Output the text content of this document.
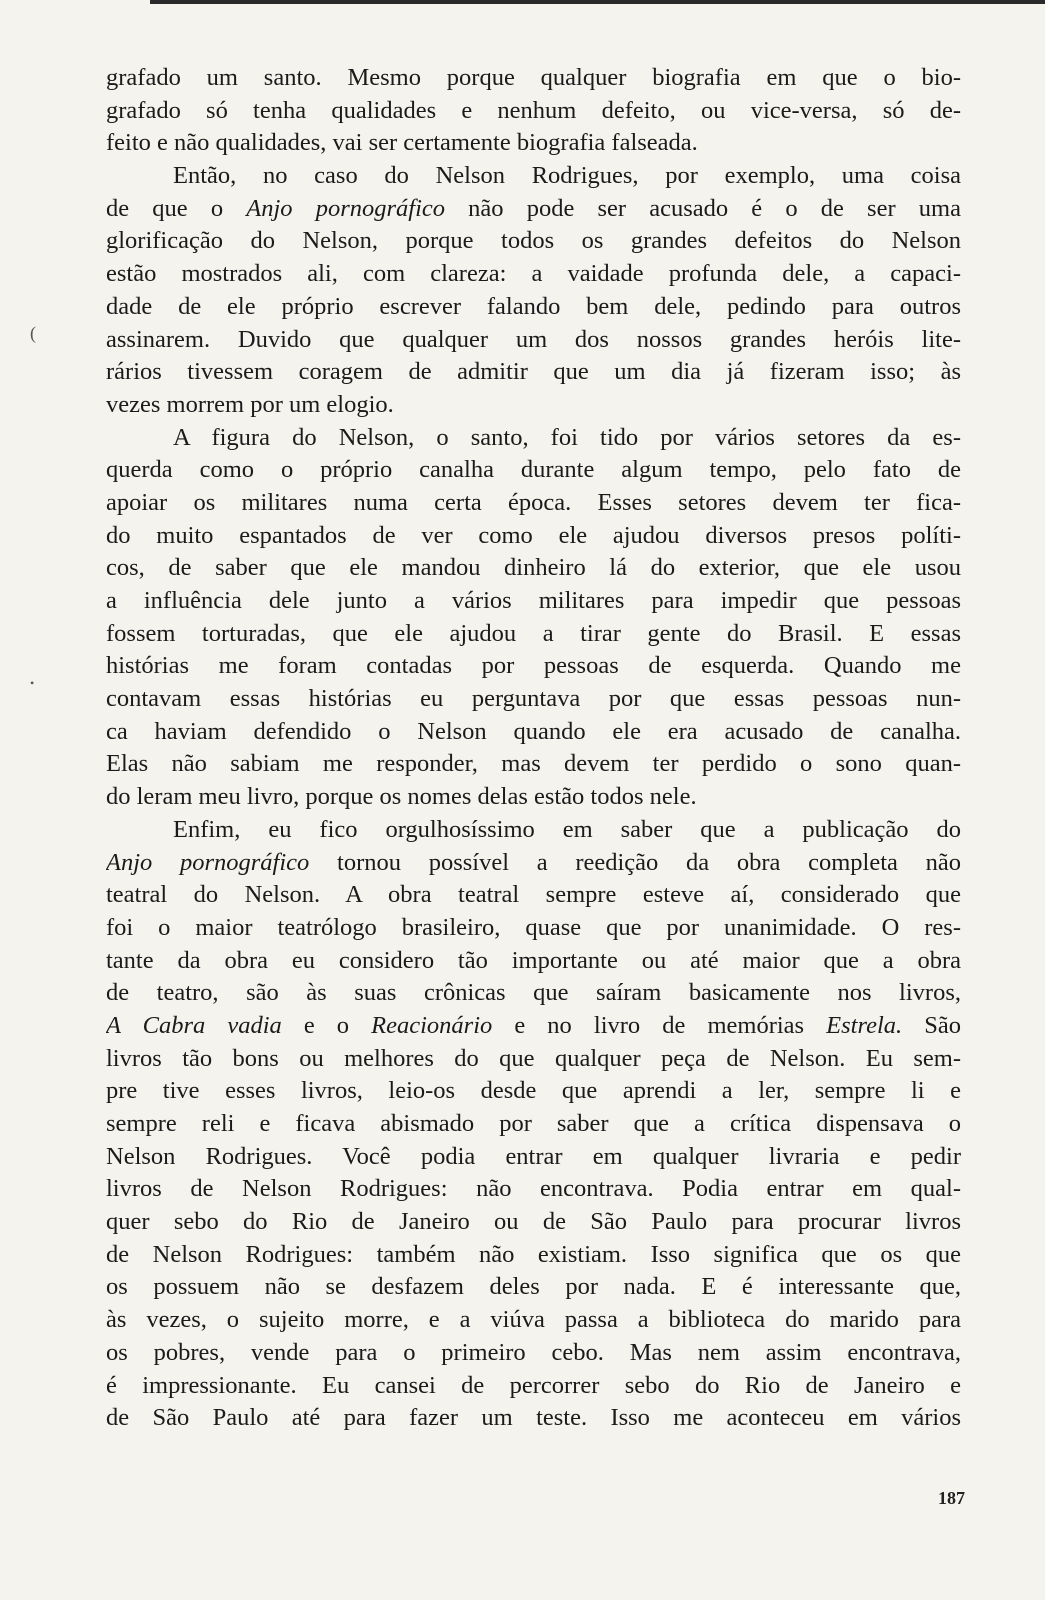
(
•
grafado um santo. Mesmo porque qualquer biografia em que o bio-
grafado só tenha qualidades e nenhum defeito, ou vice-versa, só de-
feito e não qualidades, vai ser certamente biografia falseada.
Então, no caso do Nelson Rodrigues, por exemplo, uma coisa
de que o Anjo pornográfico não pode ser acusado é o de ser uma
glorificação do Nelson, porque todos os grandes defeitos do Nelson
estão mostrados ali, com clareza: a vaidade profunda dele, a capaci-
dade de ele próprio escrever falando bem dele, pedindo para outros
assinarem. Duvido que qualquer um dos nossos grandes heróis lite-
rários tivessem coragem de admitir que um dia já fizeram isso; às
vezes morrem por um elogio.
A figura do Nelson, o santo, foi tido por vários setores da es-
querda como o próprio canalha durante algum tempo, pelo fato de
apoiar os militares numa certa época. Esses setores devem ter fica-
do muito espantados de ver como ele ajudou diversos presos políti-
cos, de saber que ele mandou dinheiro lá do exterior, que ele usou
a influência dele junto a vários militares para impedir que pessoas
fossem torturadas, que ele ajudou a tirar gente do Brasil. E essas
histórias me foram contadas por pessoas de esquerda. Quando me
contavam essas histórias eu perguntava por que essas pessoas nun-
ca haviam defendido o Nelson quando ele era acusado de canalha.
Elas não sabiam me responder, mas devem ter perdido o sono quan-
do leram meu livro, porque os nomes delas estão todos nele.
Enfim, eu fico orgulhosíssimo em saber que a publicação do
Anjo pornográfico tornou possível a reedição da obra completa não
teatral do Nelson. A obra teatral sempre esteve aí, considerado que
foi o maior teatrólogo brasileiro, quase que por unanimidade. O res-
tante da obra eu considero tão importante ou até maior que a obra
de teatro, são às suas crônicas que saíram basicamente nos livros,
A Cabra vadia e o Reacionário e no livro de memórias Estrela. São
livros tão bons ou melhores do que qualquer peça de Nelson. Eu sem-
pre tive esses livros, leio-os desde que aprendi a ler, sempre li e
sempre reli e ficava abismado por saber que a crítica dispensava o
Nelson Rodrigues. Você podia entrar em qualquer livraria e pedir
livros de Nelson Rodrigues: não encontrava. Podia entrar em qual-
quer sebo do Rio de Janeiro ou de São Paulo para procurar livros
de Nelson Rodrigues: também não existiam. Isso significa que os que
os possuem não se desfazem deles por nada. E é interessante que,
às vezes, o sujeito morre, e a viúva passa a biblioteca do marido para
os pobres, vende para o primeiro cebo. Mas nem assim encontrava,
é impressionante. Eu cansei de percorrer sebo do Rio de Janeiro e
de São Paulo até para fazer um teste. Isso me aconteceu em vários
187
